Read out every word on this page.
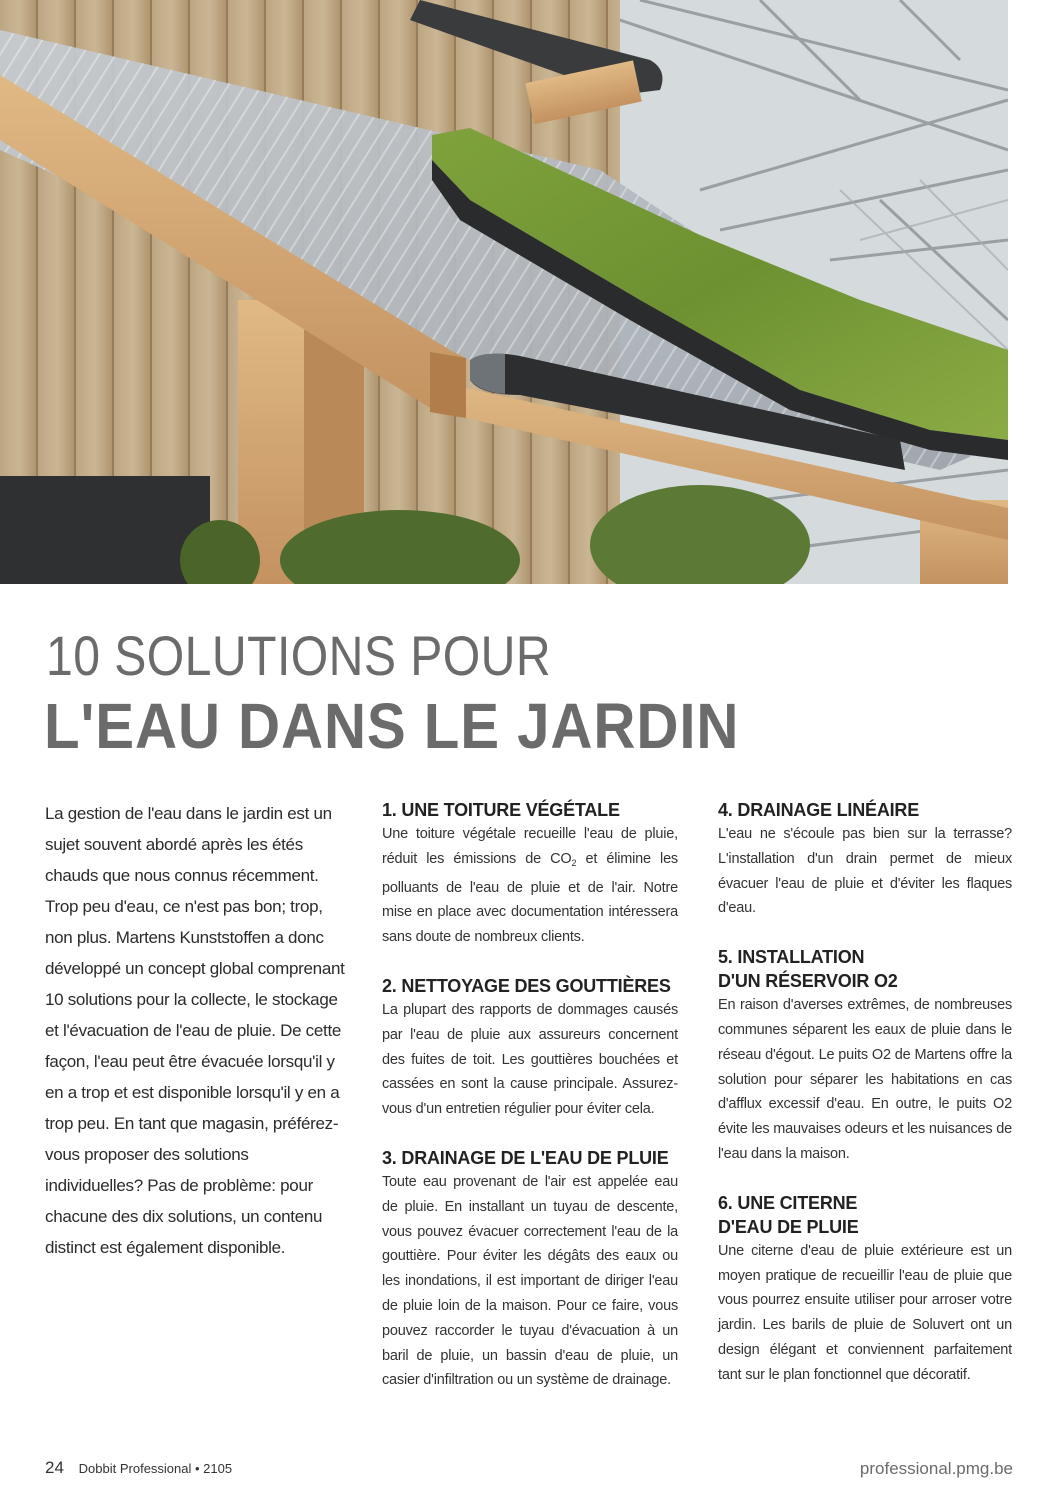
10 SOLUTIONS POUR
L'EAU DANS LE JARDIN

La gestion de l'eau dans le jardin est un sujet souvent abordé après les étés chauds que nous connus récemment. Trop peu d'eau, ce n'est pas bon; trop, non plus. Martens Kunststoffen a donc développé un concept global comprenant 10 solutions pour la collecte, le stockage et l'évacuation de l'eau de pluie. De cette façon, l'eau peut être évacuée lorsqu'il y en a trop et est disponible lorsqu'il y en a trop peu. En tant que magasin, préférez-vous proposer des solutions individuelles? Pas de problème: pour chacune des dix solutions, un contenu distinct est également disponible.

1. UNE TOITURE VÉGÉTALE

Une toiture végétale recueille l'eau de pluie, réduit les émissions de $CO_2$ et élimine les polluants de l'eau de pluie et de l'air. Notre mise en place avec documentation intéressera sans doute de nombreux clients.

2. NETTOYAGE DES GOUTTIÈRES

La plupart des rapports de dommages causés par l'eau de pluie aux assureurs concernent des fuites de toit. Les gouttières bouchées et cassées en sont la cause principale. Assurez-vous d'un entretien régulier pour éviter cela.

3. DRAINAGE DE L'EAU DE PLUIE

Toute eau provenant de l'air est appelée eau de pluie. En installant un tuyau de descente, vous pouvez évacuer correctement l'eau de la gouttière. Pour éviter les dégâts des eaux ou les inondations, il est important de diriger l'eau de pluie loin de la maison. Pour ce faire, vous pouvez raccorder le tuyau d'évacuation à un baril de pluie, un bassin d'eau de pluie, un casier d'infiltration ou un système de drainage.

4. DRAINAGE LINÉAIRE

L'eau ne s'écoule pas bien sur la terrasse? L'installation d'un drain permet de mieux évacuer l'eau de pluie et d'éviter les flaques d'eau.

5. INSTALLATION
D'UN RÉSERVOIR O2

En raison d'averses extrêmes, de nombreuses communes séparent les eaux de pluie dans le réseau d'égout. Le puits O2 de Martens offre la solution pour séparer les habitations en cas d'afflux excessif d'eau. En outre, le puits O2 évite les mauvaises odeurs et les nuisances de l'eau dans la maison.

6. UNE CITERNE
D'EAU DE PLUIE

Une citerne d'eau de pluie extérieure est un moyen pratique de recueillir l'eau de pluie que vous pourrez ensuite utiliser pour arroser votre jardin. Les barils de pluie de Soluvert ont un design élégant et conviennent parfaitement tant sur le plan fonctionnel que décoratif.

24 Dobbit Professional • 2105	professional.pmg.be
